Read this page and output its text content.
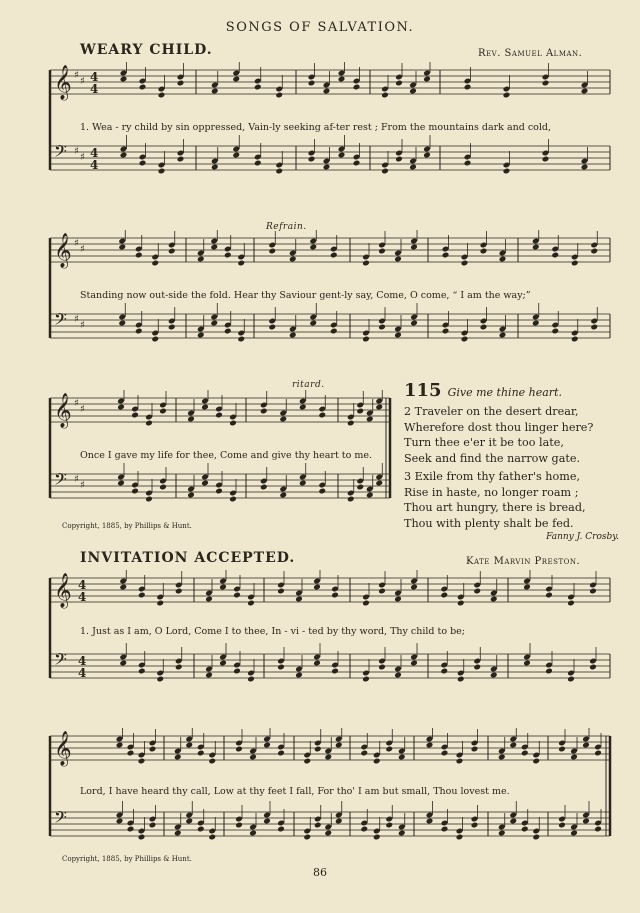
SONGS OF SALVATION.
WEARY CHILD.	Rev. Samuel Alman.
𝄞 ♯
♯ 4
4
𝄢 ♯
♯ 4
4
1. Wea - ry child by sin oppressed, Vain-ly seeking af-ter rest ; From the mountains dark and cold,
Refrain.
𝄞 ♯
♯
𝄢 ♯
♯
Standing now out-side the fold. Hear thy Saviour gent-ly say, Come, O come, “ I am the way;”
ritard.
𝄞 ♯
♯
𝄢 ♯
♯
Once I gave my life for thee, Come and give thy heart to me.
Copyright, 1885, by Phillips & Hunt.
115 Give me thine heart.
2 Traveler on the desert drear,
Wherefore dost thou linger here?
Turn thee e'er it be too late,
Seek and find the narrow gate.
3 Exile from thy father's home,
Rise in haste, no longer roam ;
Thou art hungry, there is bread,
Thou with plenty shalt be fed.
Fanny J. Crosby.
INVITATION ACCEPTED.	Kate Marvin Preston.
𝄞 4
4
𝄢 4
4
1. Just as I am, O Lord, Come I to thee, In - vi - ted by thy word, Thy child to be;
𝄞
𝄢
Lord, I have heard thy call, Low at thy feet I fall, For tho' I am but small, Thou lovest me.
Copyright, 1885, by Phillips & Hunt.
86
